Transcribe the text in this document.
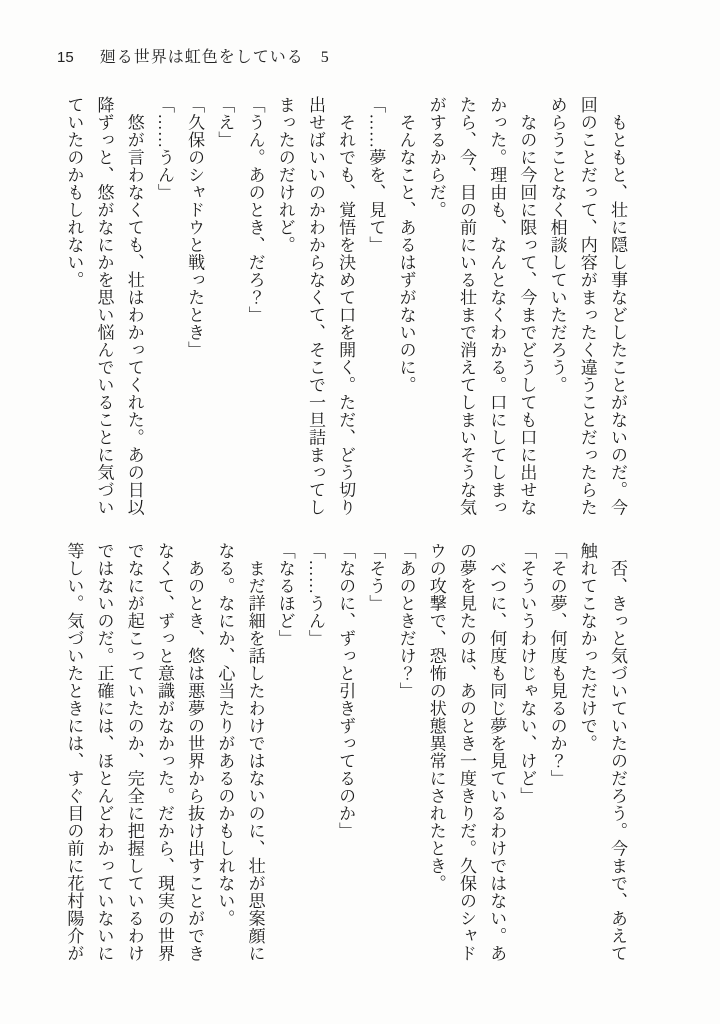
15 廻る世界は虹色をしている　5
　もともと、壮に隠し事などしたことがないのだ。今
回のことだって、内容がまったく違うことだったらた
めらうことなく相談していただろう。
　なのに今回に限って、今までどうしても口に出せな
かった。理由も、なんとなくわかる。口にしてしまっ
たら、今、目の前にいる壮まで消えてしまいそうな気
がするからだ。
　そんなこと、あるはずがないのに。
「……夢を、見て」
　それでも、覚悟を決めて口を開く。ただ、どう切り
出せばいいのかわからなくて、そこで一旦詰まってし
まったのだけれど。
「うん。あのとき、だろ？」
「え」
「久保のシャドウと戦ったとき」
「……うん」
　悠が言わなくても、壮はわかってくれた。あの日以
降ずっと、悠がなにかを思い悩んでいることに気づい
ていたのかもしれない。
　否、きっと気づいていたのだろう。今まで、あえて
触れてこなかっただけで。
「その夢、何度も見るのか？」
「そういうわけじゃない、けど」
　べつに、何度も同じ夢を見ているわけではない。あ
の夢を見たのは、あのとき一度きりだ。久保のシャド
ウの攻撃で、恐怖の状態異常にされたとき。
「あのときだけ？」
「そう」
「なのに、ずっと引きずってるのか」
「……うん」
「なるほど」
　まだ詳細を話したわけではないのに、壮が思案顔に
なる。なにか、心当たりがあるのかもしれない。
　あのとき、悠は悪夢の世界から抜け出すことができ
なくて、ずっと意識がなかった。だから、現実の世界
でなにが起こっていたのか、完全に把握しているわけ
ではないのだ。正確には、ほとんどわかっていないに
等しい。気づいたときには、すぐ目の前に花村陽介が
